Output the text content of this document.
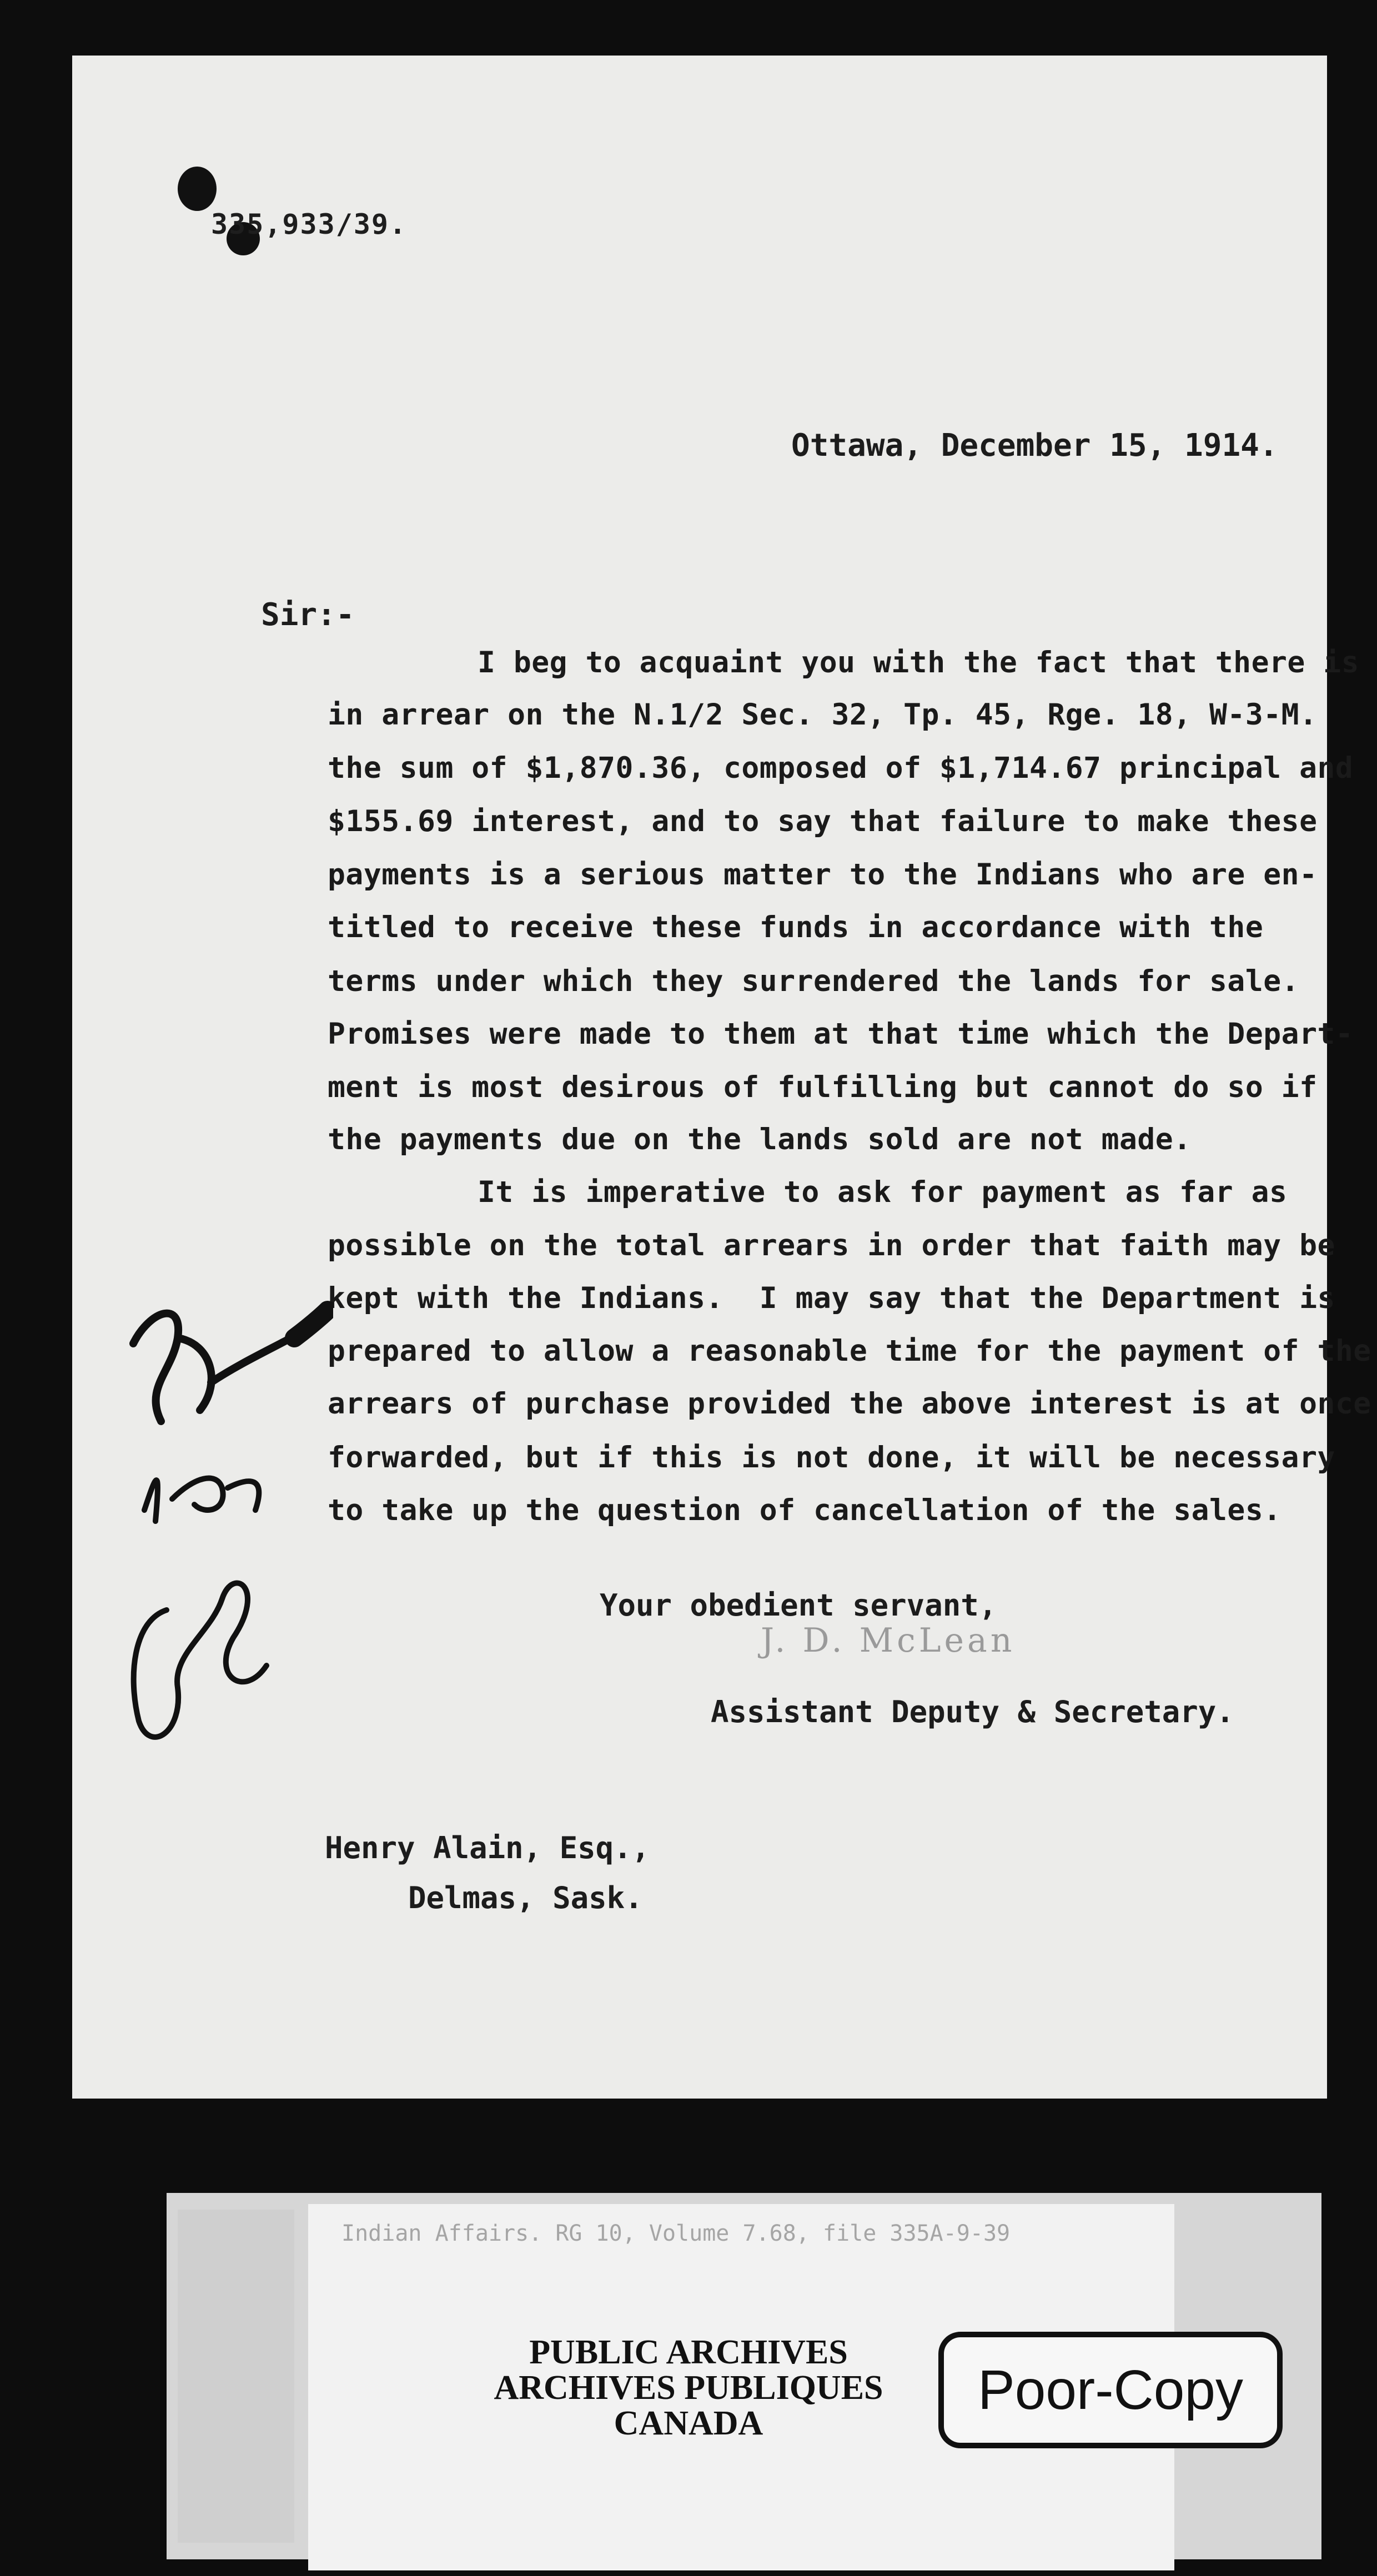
335,933/39.
Ottawa, December 15, 1914.
Sir:-
I beg to acquaint you with the fact that there is
in arrear on the N.1/2 Sec. 32, Tp. 45, Rge. 18, W-3-M.
the sum of $1,870.36, composed of $1,714.67 principal and
$155.69 interest, and to say that failure to make these
payments is a serious matter to the Indians who are en-
titled to receive these funds in accordance with the
terms under which they surrendered the lands for sale.
Promises were made to them at that time which the Depart-
ment is most desirous of fulfilling but cannot do so if
the payments due on the lands sold are not made.
It is imperative to ask for payment as far as
possible on the total arrears in order that faith may be
kept with the Indians.  I may say that the Department is
prepared to allow a reasonable time for the payment of the
arrears of purchase provided the above interest is at once
forwarded, but if this is not done, it will be necessary
to take up the question of cancellation of the sales.
Your obedient servant,
J. D. McLean
Assistant Deputy & Secretary.
Henry Alain, Esq.,
Delmas, Sask.
Indian Affairs. RG 10, Volume 7.68, file 335A-9-39
PUBLIC ARCHIVES
ARCHIVES PUBLIQUES
CANADA
Poor-Copy
